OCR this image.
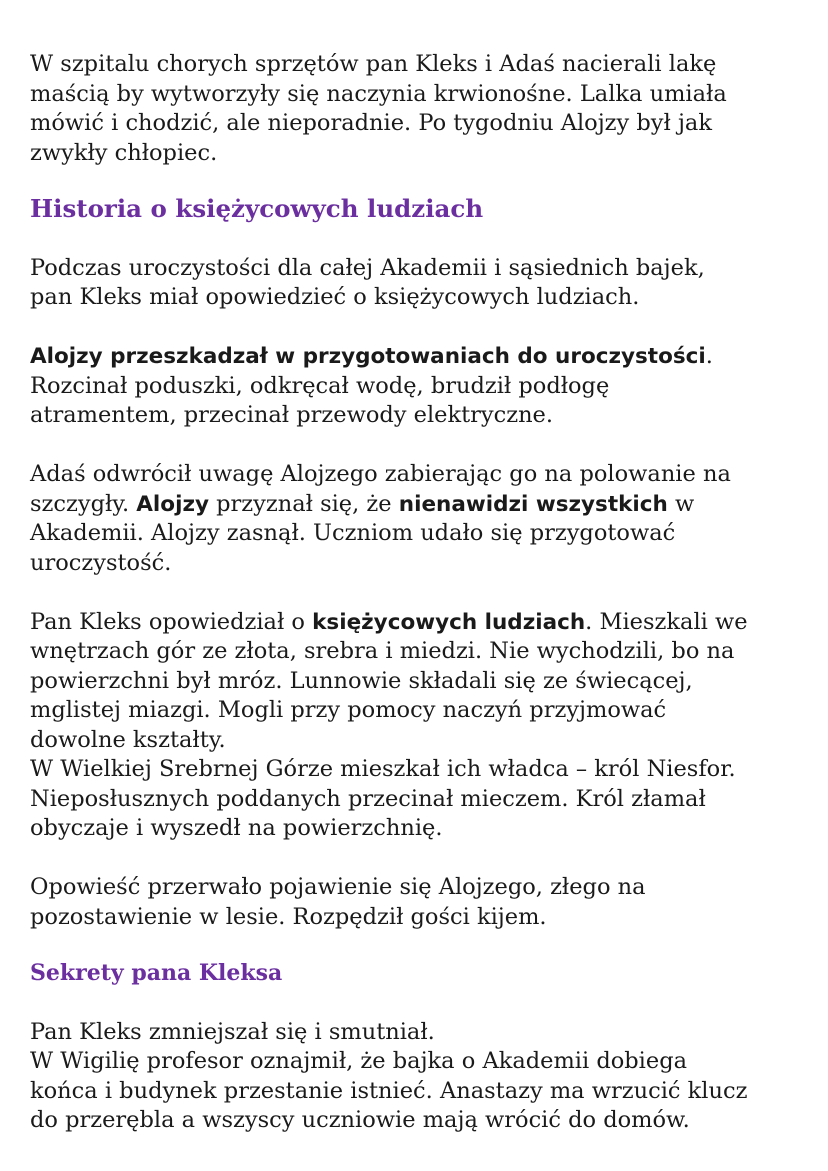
W szpitalu chorych sprzętów pan Kleks i Adaś nacierali lakę
maścią by wytworzyły się naczynia krwionośne. Lalka umiała
mówić i chodzić, ale nieporadnie. Po tygodniu Alojzy był jak
zwykły chłopiec.

Historia o księżycowych ludziach

Podczas uroczystości dla całej Akademii i sąsiednich bajek,
pan Kleks miał opowiedzieć o księżycowych ludziach.

Alojzy przeszkadzał w przygotowaniach do uroczystości.
Rozcinał poduszki, odkręcał wodę, brudził podłogę
atramentem, przecinał przewody elektryczne.

Adaś odwrócił uwagę Alojzego zabierając go na polowanie na
szczygły. Alojzy przyznał się, że nienawidzi wszystkich w
Akademii. Alojzy zasnął. Uczniom udało się przygotować
uroczystość.

Pan Kleks opowiedział o księżycowych ludziach. Mieszkali we
wnętrzach gór ze złota, srebra i miedzi. Nie wychodzili, bo na
powierzchni był mróz. Lunnowie składali się ze świecącej,
mglistej miazgi. Mogli przy pomocy naczyń przyjmować
dowolne kształty.
W Wielkiej Srebrnej Górze mieszkał ich władca – król Niesfor.
Nieposłusznych poddanych przecinał mieczem. Król złamał
obyczaje i wyszedł na powierzchnię.

Opowieść przerwało pojawienie się Alojzego, złego na
pozostawienie w lesie. Rozpędził gości kijem.

Sekrety pana Kleksa

Pan Kleks zmniejszał się i smutniał.
W Wigilię profesor oznajmił, że bajka o Akademii dobiega
końca i budynek przestanie istnieć. Anastazy ma wrzucić klucz
do przerębla a wszyscy uczniowie mają wrócić do domów.
